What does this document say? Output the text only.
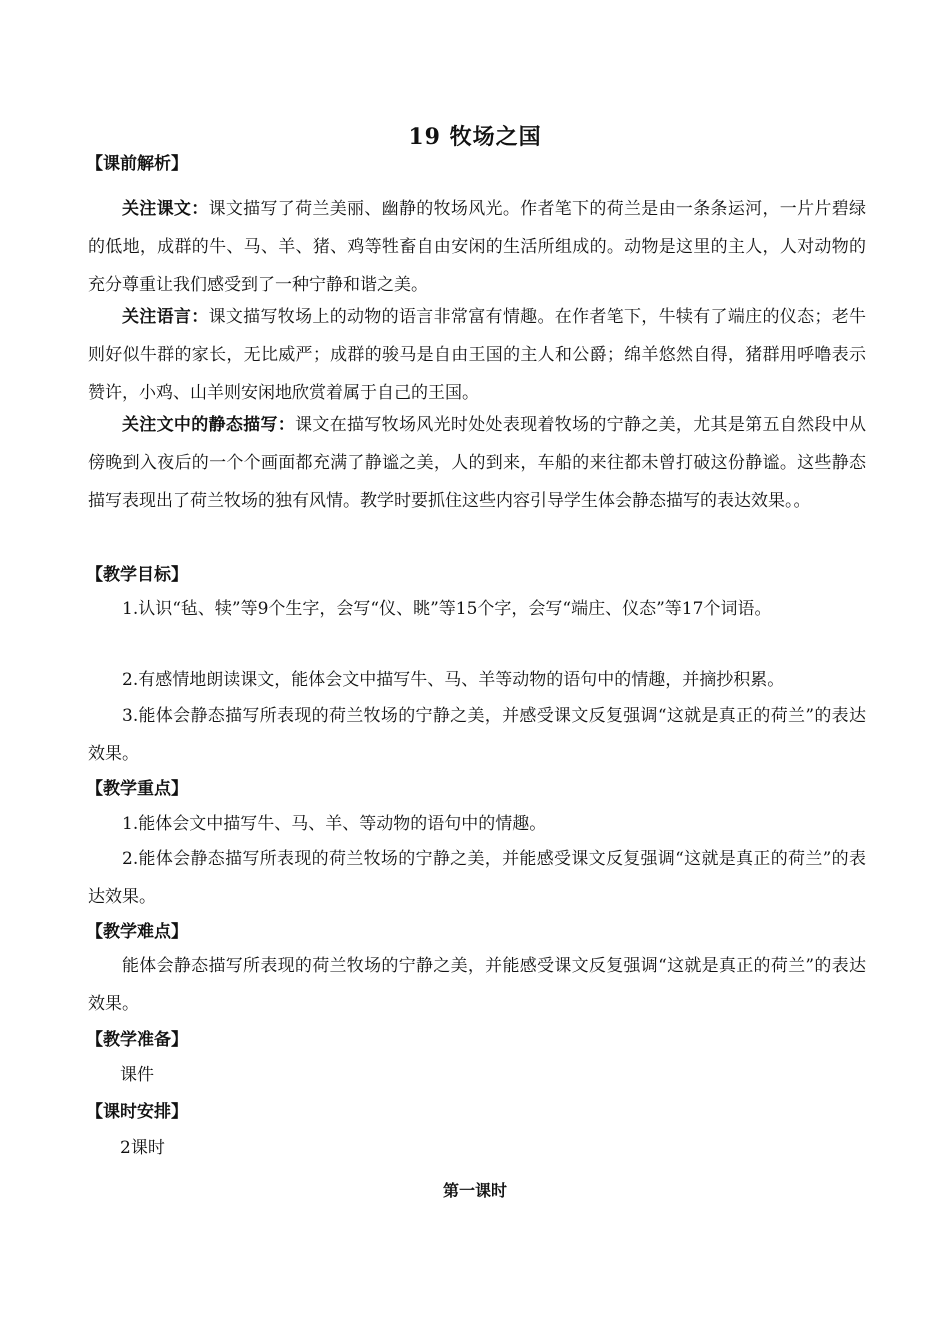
19 牧场之国
【课前解析】
关注课文：课文描写了荷兰美丽、幽静的牧场风光。作者笔下的荷兰是由一条条运河，一片片碧绿的低地，成群的牛、马、羊、猪、鸡等牲畜自由安闲的生活所组成的。动物是这里的主人，人对动物的充分尊重让我们感受到了一种宁静和谐之美。
关注语言：课文描写牧场上的动物的语言非常富有情趣。在作者笔下，牛犊有了端庄的仪态；老牛则好似牛群的家长，无比威严；成群的骏马是自由王国的主人和公爵；绵羊悠然自得，猪群用呼噜表示赞许，小鸡、山羊则安闲地欣赏着属于自己的王国。
关注文中的静态描写：课文在描写牧场风光时处处表现着牧场的宁静之美，尤其是第五自然段中从傍晚到入夜后的一个个画面都充满了静谧之美，人的到来，车船的来往都未曾打破这份静谧。这些静态描写表现出了荷兰牧场的独有风情。教学时要抓住这些内容引导学生体会静态描写的表达效果。。
【教学目标】
1.认识“毡、犊”等9个生字，会写“仪、眺”等15个字，会写“端庄、仪态”等17个词语。
2.有感情地朗读课文，能体会文中描写牛、马、羊等动物的语句中的情趣，并摘抄积累。
3.能体会静态描写所表现的荷兰牧场的宁静之美，并感受课文反复强调“这就是真正的荷兰”的表达效果。
【教学重点】
1.能体会文中描写牛、马、羊、等动物的语句中的情趣。
2.能体会静态描写所表现的荷兰牧场的宁静之美，并能感受课文反复强调“这就是真正的荷兰”的表达效果。
【教学难点】
能体会静态描写所表现的荷兰牧场的宁静之美，并能感受课文反复强调“这就是真正的荷兰”的表达效果。
【教学准备】
课件
【课时安排】
2课时
第一课时
